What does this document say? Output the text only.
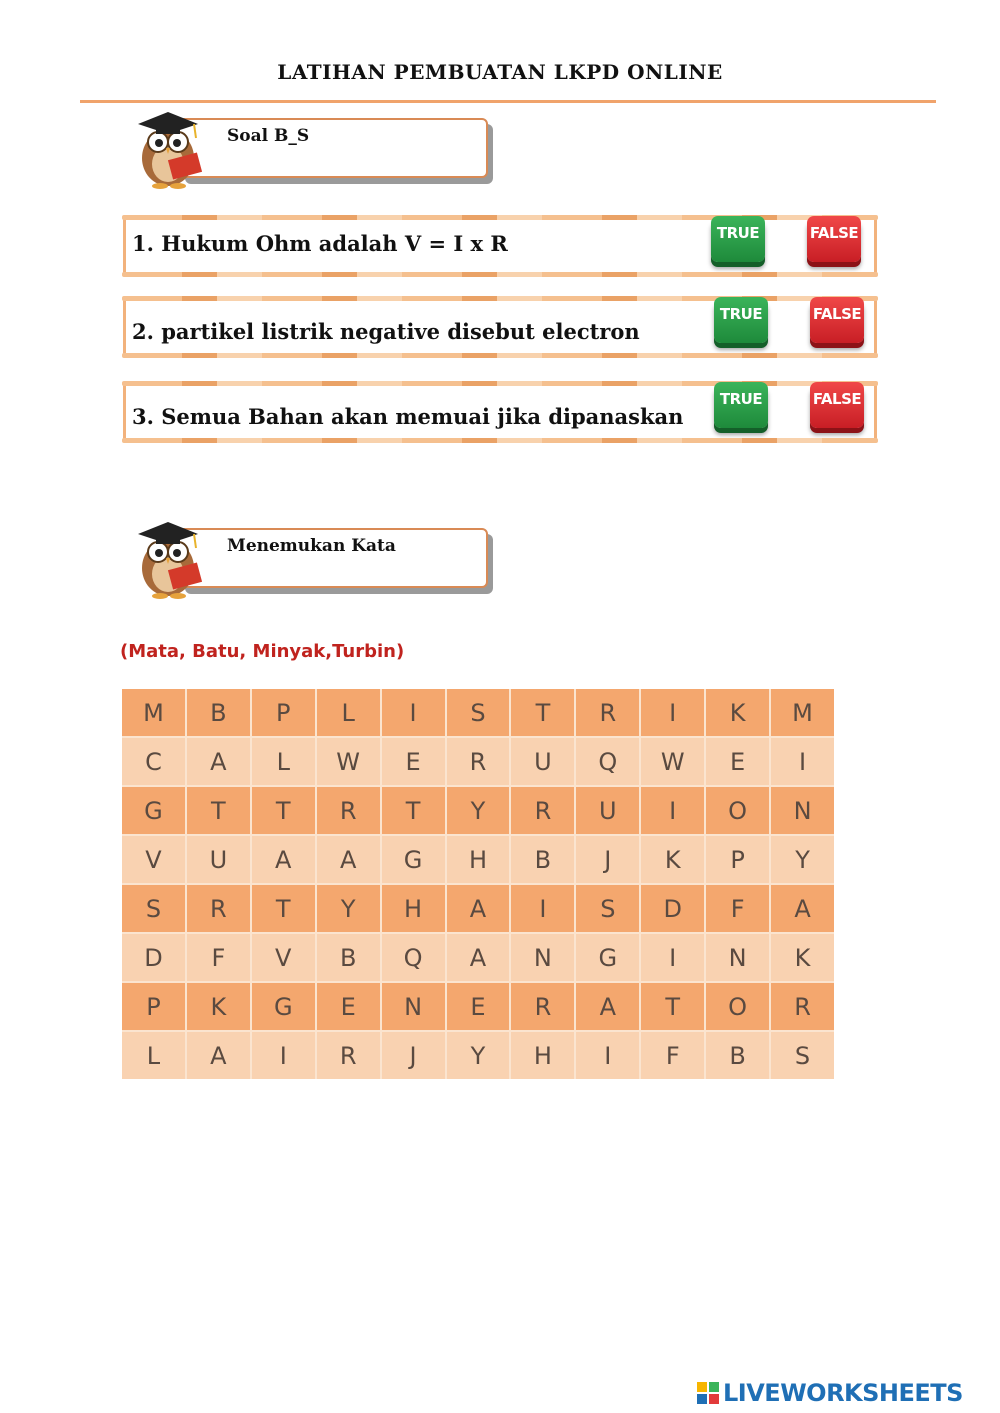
LATIHAN PEMBUATAN LKPD ONLINE
Soal B_S
1. Hukum Ohm adalah V = I x R	TRUE	FALSE
2. partikel listrik negative disebut electron
TRUE	FALSE
3. Semua Bahan akan memuai jika dipanaskan
TRUE	FALSE
Menemukan Kata
(Mata, Batu, Minyak,Turbin)
M	B	P	L	I	S	T	R	I	K	M
C	A	L	W	E	R	U	Q	W	E	I
G	T	T	R	T	Y	R	U	I	O	N
V	U	A	A	G	H	B	J	K	P	Y
S	R	T	Y	H	A	I	S	D	F	A
D	F	V	B	Q	A	N	G	I	N	K
P	K	G	E	N	E	R	A	T	O	R
L	A	I	R	J	Y	H	I	F	B	S
LIVEWORKSHEETS
